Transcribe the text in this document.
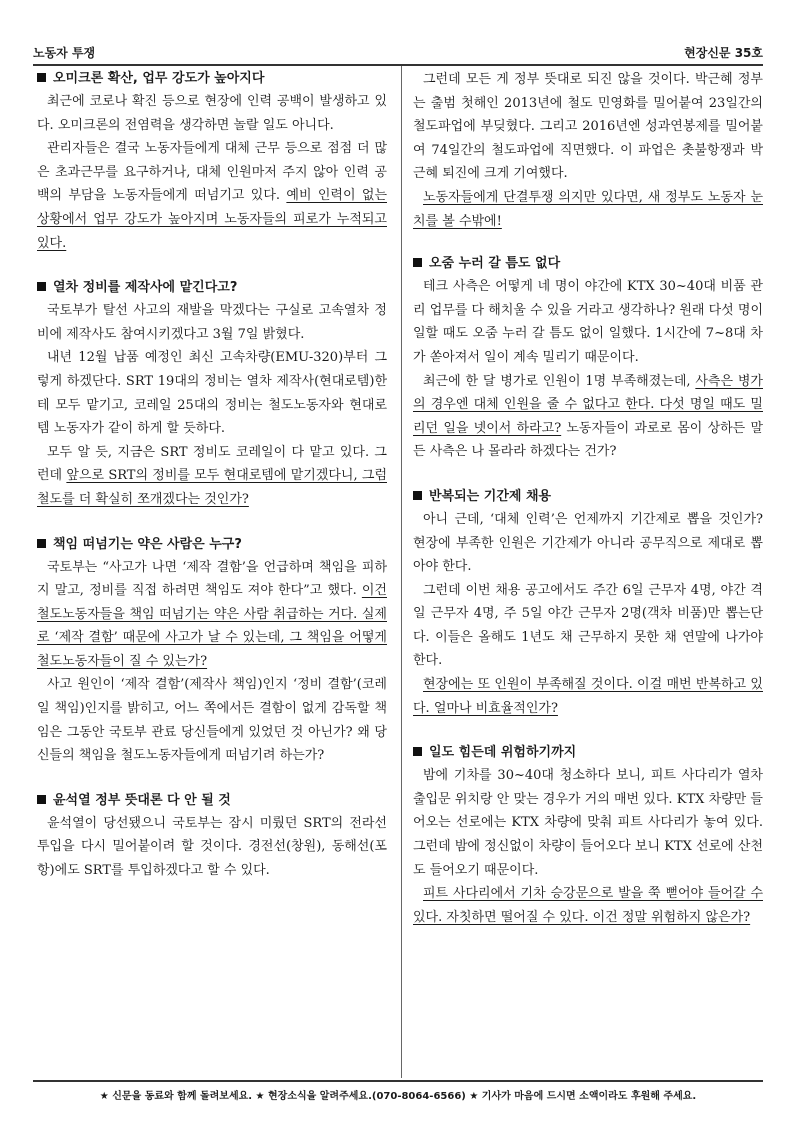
노동자 투쟁	현장신문 35호
오미크론 확산, 업무 강도가 높아지다

최근에 코로나 확진 등으로 현장에 인력 공백이 발생하고 있다. 오미크론의 전염력을 생각하면 놀랄 일도 아니다.

관리자들은 결국 노동자들에게 대체 근무 등으로 점점 더 많은 초과근무를 요구하거나, 대체 인원마저 주지 않아 인력 공백의 부담을 노동자들에게 떠넘기고 있다. 예비 인력이 없는 상황에서 업무 강도가 높아지며 노동자들의 피로가 누적되고 있다.

열차 정비를 제작사에 맡긴다고?

국토부가 탈선 사고의 재발을 막겠다는 구실로 고속열차 정비에 제작사도 참여시키겠다고 3월 7일 밝혔다.

내년 12월 납품 예정인 최신 고속차량(EMU-320)부터 그렇게 하겠단다. SRT 19대의 정비는 열차 제작사(현대로템)한테 모두 맡기고, 코레일 25대의 정비는 철도노동자와 현대로템 노동자가 같이 하게 할 듯하다.

모두 알 듯, 지금은 SRT 정비도 코레일이 다 맡고 있다. 그런데 앞으로 SRT의 정비를 모두 현대로템에 맡기겠다니, 그럼 철도를 더 확실히 쪼개겠다는 것인가?

책임 떠넘기는 약은 사람은 누구?

국토부는 “사고가 나면 ‘제작 결함’을 언급하며 책임을 피하지 말고, 정비를 직접 하려면 책임도 져야 한다”고 했다. 이건 철도노동자들을 책임 떠넘기는 약은 사람 취급하는 거다. 실제로 ‘제작 결함’ 때문에 사고가 날 수 있는데, 그 책임을 어떻게 철도노동자들이 질 수 있는가?

사고 원인이 ‘제작 결함’(제작사 책임)인지 ‘정비 결함’(코레일 책임)인지를 밝히고, 어느 쪽에서든 결함이 없게 감독할 책임은 그동안 국토부 관료 당신들에게 있었던 것 아닌가? 왜 당신들의 책임을 철도노동자들에게 떠넘기려 하는가?

윤석열 정부 뜻대론 다 안 될 것

윤석열이 당선됐으니 국토부는 잠시 미뤘던 SRT의 전라선 투입을 다시 밀어붙이려 할 것이다. 경전선(창원), 동해선(포항)에도 SRT를 투입하겠다고 할 수 있다.

그런데 모든 게 정부 뜻대로 되진 않을 것이다. 박근혜 정부는 출범 첫해인 2013년에 철도 민영화를 밀어붙여 23일간의 철도파업에 부딪혔다. 그리고 2016년엔 성과연봉제를 밀어붙여 74일간의 철도파업에 직면했다. 이 파업은 촛불항쟁과 박근혜 퇴진에 크게 기여했다.

노동자들에게 단결투쟁 의지만 있다면, 새 정부도 노동자 눈치를 볼 수밖에!

오줌 누러 갈 틈도 없다

테크 사측은 어떻게 네 명이 야간에 KTX 30~40대 비품 관리 업무를 다 해치울 수 있을 거라고 생각하나? 원래 다섯 명이 일할 때도 오줌 누러 갈 틈도 없이 일했다. 1시간에 7~8대 차가 쏟아져서 일이 계속 밀리기 때문이다.

최근에 한 달 병가로 인원이 1명 부족해졌는데, 사측은 병가의 경우엔 대체 인원을 줄 수 없다고 한다. 다섯 명일 때도 밀리던 일을 넷이서 하라고? 노동자들이 과로로 몸이 상하든 말든 사측은 나 몰라라 하겠다는 건가?

반복되는 기간제 채용

아니 근데, ‘대체 인력’은 언제까지 기간제로 뽑을 것인가? 현장에 부족한 인원은 기간제가 아니라 공무직으로 제대로 뽑아야 한다.

그런데 이번 채용 공고에서도 주간 6일 근무자 4명, 야간 격일 근무자 4명, 주 5일 야간 근무자 2명(객차 비품)만 뽑는단다. 이들은 올해도 1년도 채 근무하지 못한 채 연말에 나가야 한다.

현장에는 또 인원이 부족해질 것이다. 이걸 매번 반복하고 있다. 얼마나 비효율적인가?

일도 힘든데 위험하기까지

밤에 기차를 30~40대 청소하다 보니, 피트 사다리가 열차 출입문 위치랑 안 맞는 경우가 거의 매번 있다. KTX 차량만 들어오는 선로에는 KTX 차량에 맞춰 피트 사다리가 놓여 있다. 그런데 밤에 정신없이 차량이 들어오다 보니 KTX 선로에 산천도 들어오기 때문이다.

피트 사다리에서 기차 승강문으로 발을 쭉 뻗어야 들어갈 수 있다. 자칫하면 떨어질 수 있다. 이건 정말 위험하지 않은가?

★ 신문을 동료와 함께 돌려보세요. ★ 현장소식을 알려주세요.(070-8064-6566) ★ 기사가 마음에 드시면 소액이라도 후원해 주세요.
